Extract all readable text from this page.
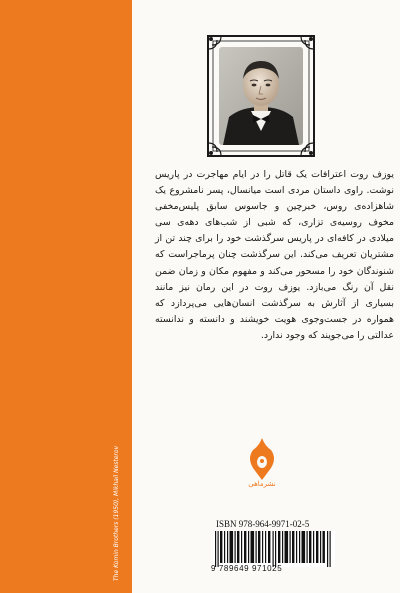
The Komin Brothers (1950), Mikhail Nesterov

یوزف روت اعترافات یک قاتل را در ایام مهاجرت در پاریس نوشت. راوی داستان مردی است میانسال، پسر نامشروع یک شاهزاده‌ی روس، خبرچین و جاسوس سابق پلیس‌مخفی مخوف روسیه‌ی تزاری، که شبی از شب‌های دهه‌ی سی میلادی در کافه‌ای در پاریس سرگذشت خود را برای چند تن از مشتریان تعریف می‌کند. این سرگذشت چنان پرماجراست که شنوندگان خود را مسحور می‌کند و مفهوم مکان و زمان ضمن نقل آن رنگ می‌بازد. یوزف روت در این رمان نیز مانند بسیاری از آثارش به سرگذشت انسان‌هایی می‌پردازد که همواره در جست‌وجوی هویت خویشند و دانسته و ندانسته عدالتی را می‌جویند که وجود ندارد.

نشرماهی
ISBN 978-964-9971-02-5
9 789649 971025
